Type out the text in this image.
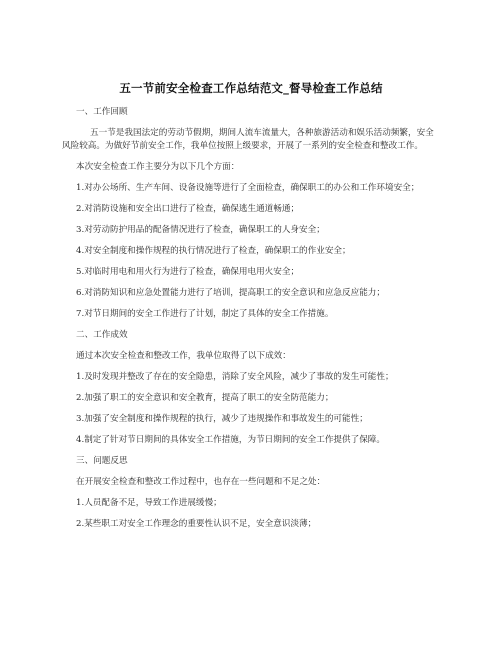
五一节前安全检查工作总结范文_督导检查工作总结

一、工作回顾

五一节是我国法定的劳动节假期，期间人流车流量大，各种旅游活动和娱乐活动频繁，安全风险较高。为做好节前安全工作，我单位按照上级要求，开展了一系列的安全检查和整改工作。

本次安全检查工作主要分为以下几个方面：

1.对办公场所、生产车间、设备设施等进行了全面检查，确保职工的办公和工作环境安全；

2.对消防设施和安全出口进行了检查，确保逃生通道畅通；

3.对劳动防护用品的配备情况进行了检查，确保职工的人身安全；

4.对安全制度和操作规程的执行情况进行了检查，确保职工的作业安全；

5.对临时用电和用火行为进行了检查，确保用电用火安全；

6.对消防知识和应急处置能力进行了培训，提高职工的安全意识和应急反应能力；

7.对节日期间的安全工作进行了计划，制定了具体的安全工作措施。

二、工作成效

通过本次安全检查和整改工作，我单位取得了以下成效：

1.及时发现并整改了存在的安全隐患，消除了安全风险，减少了事故的发生可能性；

2.加强了职工的安全意识和安全教育，提高了职工的安全防范能力；

3.加强了安全制度和操作规程的执行，减少了违规操作和事故发生的可能性；

4.制定了针对节日期间的具体安全工作措施，为节日期间的安全工作提供了保障。

三、问题反思

在开展安全检查和整改工作过程中，也存在一些问题和不足之处：

1.人员配备不足，导致工作进展缓慢；

2.某些职工对安全工作理念的重要性认识不足，安全意识淡薄；
